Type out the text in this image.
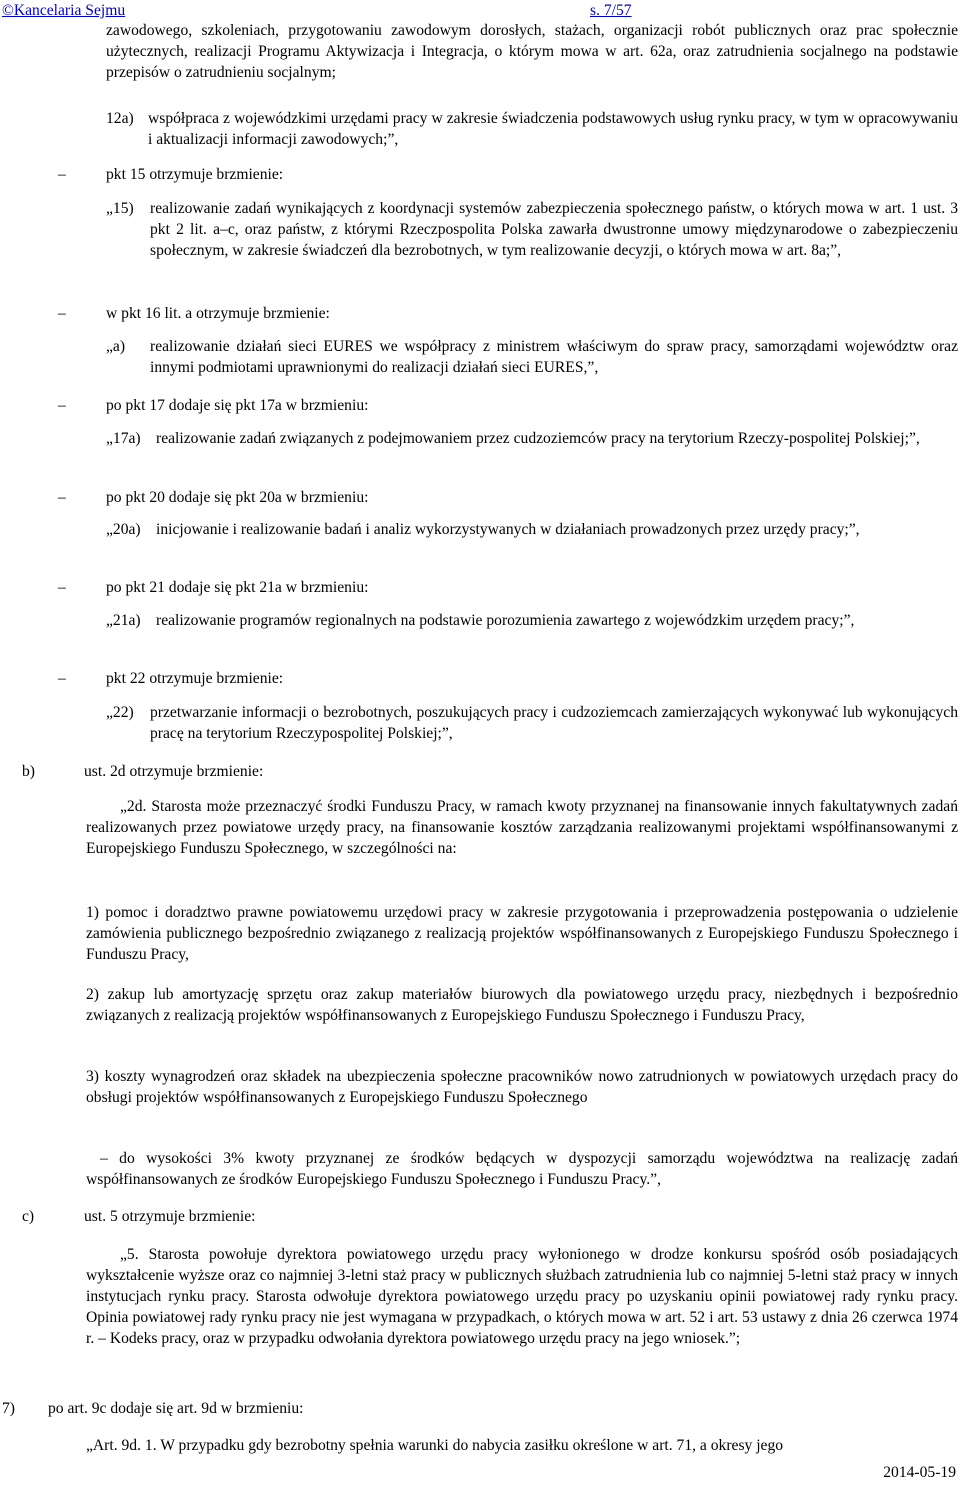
©Kancelaria Sejmu	s. 7/57
zawodowego, szkoleniach, przygotowaniu zawodowym dorosłych, stażach, organizacji robót publicznych oraz prac społecznie użytecznych, realizacji Programu Aktywizacja i Integracja, o którym mowa w art. 62a, oraz zatrudnienia socjalnego na podstawie przepisów o zatrudnieniu socjalnym;
12a) współpraca z wojewódzkimi urzędami pracy w zakresie świadczenia podstawowych usług rynku pracy, w tym w opracowywaniu i aktualizacji informacji zawodowych;”,
–	pkt 15 otrzymuje brzmienie:
„15) realizowanie zadań wynikających z koordynacji systemów zabezpieczenia społecznego państw, o których mowa w art. 1 ust. 3 pkt 2 lit. a–c, oraz państw, z którymi Rzeczpospolita Polska zawarła dwustronne umowy międzynarodowe o zabezpieczeniu społecznym, w zakresie świadczeń dla bezrobotnych, w tym realizowanie decyzji, o których mowa w art. 8a;”,
–	w pkt 16 lit. a otrzymuje brzmienie:
„a) realizowanie działań sieci EURES we współpracy z ministrem właściwym do spraw pracy, samorządami województw oraz innymi podmiotami uprawnionymi do realizacji działań sieci EURES,”,
–	po pkt 17 dodaje się pkt 17a w brzmieniu:
„17a) realizowanie zadań związanych z podejmowaniem przez cudzoziemców pracy na terytorium Rzeczy-pospolitej Polskiej;”,
–	po pkt 20 dodaje się pkt 20a w brzmieniu:
„20a) inicjowanie i realizowanie badań i analiz wykorzystywanych w działaniach prowadzonych przez urzędy pracy;”,
–	po pkt 21 dodaje się pkt 21a w brzmieniu:
„21a) realizowanie programów regionalnych na podstawie porozumienia zawartego z wojewódzkim urzędem pracy;”,
–	pkt 22 otrzymuje brzmienie:
„22) przetwarzanie informacji o bezrobotnych, poszukujących pracy i cudzoziemcach zamierzających wykonywać lub wykonujących pracę na terytorium Rzeczypospolitej Polskiej;”,
b)	ust. 2d otrzymuje brzmienie:
„2d. Starosta może przeznaczyć środki Funduszu Pracy, w ramach kwoty przyznanej na finansowanie innych fakultatywnych zadań realizowanych przez powiatowe urzędy pracy, na finansowanie kosztów zarządzania realizowanymi projektami współfinansowanymi z Europejskiego Funduszu Społecznego, w szczególności na:
1) pomoc i doradztwo prawne powiatowemu urzędowi pracy w zakresie przygotowania i przeprowadzenia postępowania o udzielenie zamówienia publicznego bezpośrednio związanego z realizacją projektów współfinansowanych z Europejskiego Funduszu Społecznego i Funduszu Pracy,
2) zakup lub amortyzację sprzętu oraz zakup materiałów biurowych dla powiatowego urzędu pracy, niezbędnych i bezpośrednio związanych z realizacją projektów współfinansowanych z Europejskiego Funduszu Społecznego i Funduszu Pracy,
3) koszty wynagrodzeń oraz składek na ubezpieczenia społeczne pracowników nowo zatrudnionych w powiatowych urzędach pracy do obsługi projektów współfinansowanych z Europejskiego Funduszu Społecznego
– do wysokości 3% kwoty przyznanej ze środków będących w dyspozycji samorządu województwa na realizację zadań współfinansowanych ze środków Europejskiego Funduszu Społecznego i Funduszu Pracy.”,
c)	ust. 5 otrzymuje brzmienie:
„5. Starosta powołuje dyrektora powiatowego urzędu pracy wyłonionego w drodze konkursu spośród osób posiadających wykształcenie wyższe oraz co najmniej 3-letni staż pracy w publicznych służbach zatrudnienia lub co najmniej 5-letni staż pracy w innych instytucjach rynku pracy. Starosta odwołuje dyrektora powiatowego urzędu pracy po uzyskaniu opinii powiatowej rady rynku pracy. Opinia powiatowej rady rynku pracy nie jest wymagana w przypadkach, o których mowa w art. 52 i art. 53 ustawy z dnia 26 czerwca 1974 r. – Kodeks pracy, oraz w przypadku odwołania dyrektora powiatowego urzędu pracy na jego wniosek.”;
7) po art. 9c dodaje się art. 9d w brzmieniu:
„Art. 9d. 1. W przypadku gdy bezrobotny spełnia warunki do nabycia zasiłku określone w art. 71, a okresy jego
2014-05-19
